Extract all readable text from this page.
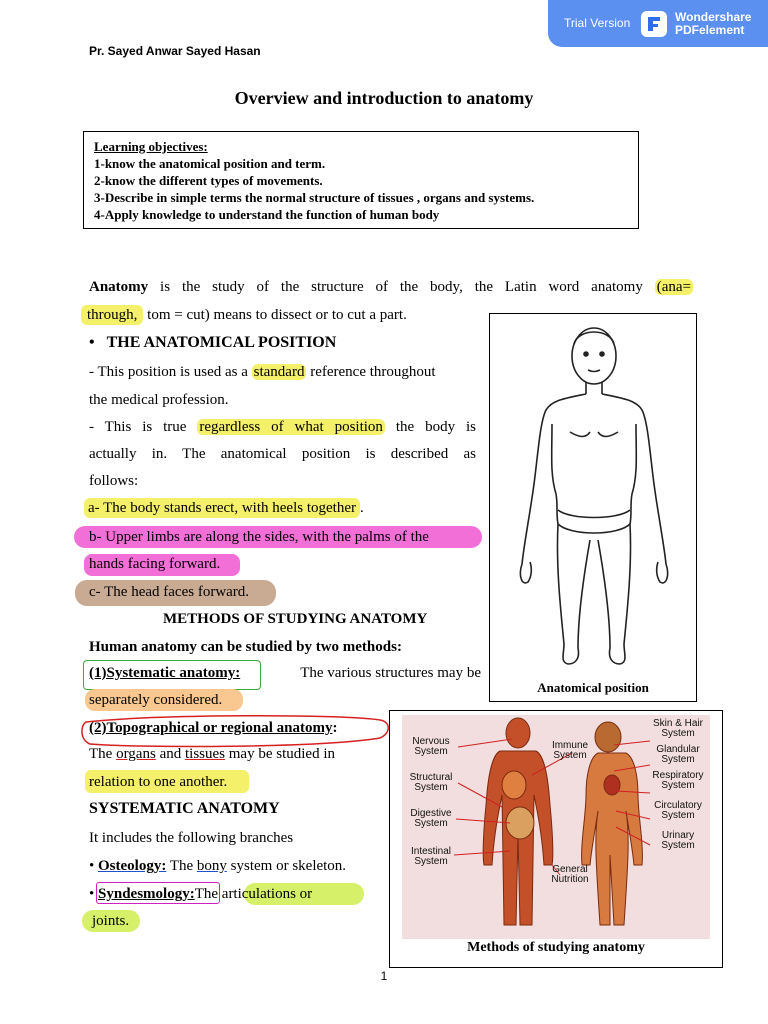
Trial Version	Wondershare
PDFelement
Pr. Sayed Anwar Sayed Hasan
Overview and introduction to anatomy
Learning objectives:
1-know the anatomical position and term.
2-know the different types of movements.
3-Describe in simple terms the normal structure of tissues , organs and systems.
4-Apply knowledge to understand the function of human body
Anatomy is the study of the structure of the body, the Latin word anatomy (ana=
through, tom = cut) means to dissect or to cut a part.
•   THE ANATOMICAL POSITION
- This position is used as a standard reference throughout
the medical profession.
- This is true regardless of what position the body is
actually in. The anatomical position is described as
follows:
a- The body stands erect, with heels together .
b- Upper limbs are along the sides, with the palms of the
hands facing forward.
c- The head faces forward.
METHODS OF STUDYING ANATOMY
Human anatomy can be studied by two methods:
(1)Systematic anatomy:	The various structures may be
separately considered.
(2)Topographical or regional anatomy:
The organs and tissues may be studied in
relation to one another.
SYSTEMATIC ANATOMY
It includes the following branches
• Osteology: The bony system or skeleton.
• Syndesmology:The articulations or
joints.
Anatomical position
Nervous System
Structural System
Digestive System
Intestinal System
Immune System
General Nutrition
Skin & Hair System
Glandular System
Respiratory System
Circulatory System
Urinary System
Methods of studying anatomy
1
